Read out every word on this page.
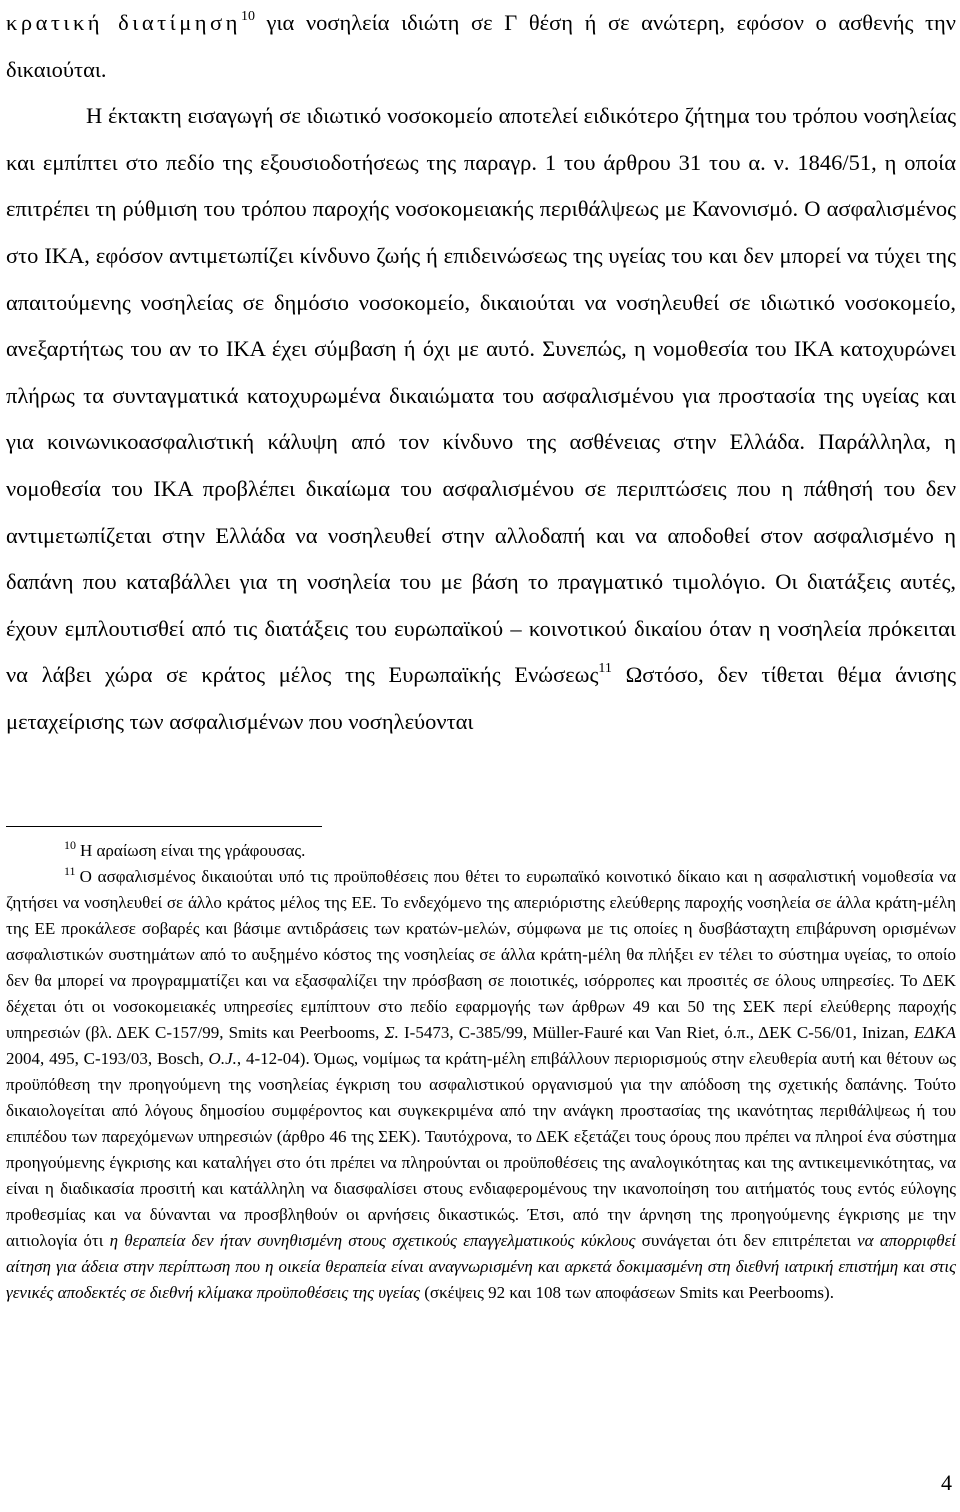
κρατική διατίμηση$^{10}$ για νοσηλεία ιδιώτη σε Γ θέση ή σε ανώτερη, εφόσον ο ασθενής την δικαιούται.

Η έκτακτη εισαγωγή σε ιδιωτικό νοσοκομείο αποτελεί ειδικότερο ζήτημα του τρόπου νοσηλείας και εμπίπτει στο πεδίο της εξουσιοδοτήσεως της παραγρ. 1 του άρθρου 31 του α. ν. 1846/51, η οποία επιτρέπει τη ρύθμιση του τρόπου παροχής νοσοκομειακής περιθάλψεως με Κανονισμό. Ο ασφαλισμένος στο ΙΚΑ, εφόσον αντιμετωπίζει κίνδυνο ζωής ή επιδεινώσεως της υγείας του και δεν μπορεί να τύχει της απαιτούμενης νοσηλείας σε δημόσιο νοσοκομείο, δικαιούται να νοσηλευθεί σε ιδιωτικό νοσοκομείο, ανεξαρτήτως του αν το ΙΚΑ έχει σύμβαση ή όχι με αυτό. Συνεπώς, η νομοθεσία του ΙΚΑ κατοχυρώνει πλήρως τα συνταγματικά κατοχυρωμένα δικαιώματα του ασφαλισμένου για προστασία της υγείας και για κοινωνικοασφαλιστική κάλυψη από τον κίνδυνο της ασθένειας στην Ελλάδα. Παράλληλα, η νομοθεσία του ΙΚΑ προβλέπει δικαίωμα του ασφαλισμένου σε περιπτώσεις που η πάθησή του δεν αντιμετωπίζεται στην Ελλάδα να νοσηλευθεί στην αλλοδαπή και να αποδοθεί στον ασφαλισμένο η δαπάνη που καταβάλλει για τη νοσηλεία του με βάση το πραγματικό τιμολόγιο. Οι διατάξεις αυτές, έχουν εμπλουτισθεί από τις διατάξεις του ευρωπαϊκού – κοινοτικού δικαίου όταν η νοσηλεία πρόκειται να λάβει χώρα σε κράτος μέλος της Ευρωπαϊκής Ενώσεως$^{11}$ Ωστόσο, δεν τίθεται θέμα άνισης μεταχείρισης των ασφαλισμένων που νοσηλεύονται

$^{10}$ Η αραίωση είναι της γράφουσας.

$^{11}$ Ο ασφαλισμένος δικαιούται υπό τις προϋποθέσεις που θέτει το ευρωπαϊκό κοινοτικό δίκαιο και η ασφαλιστική νομοθεσία να ζητήσει να νοσηλευθεί σε άλλο κράτος μέλος της ΕΕ. Το ενδεχόμενο της απεριόριστης ελεύθερης παροχής νοσηλεία σε άλλα κράτη-μέλη της ΕΕ προκάλεσε σοβαρές και βάσιμε αντιδράσεις των κρατών-μελών, σύμφωνα με τις οποίες η δυσβάσταχτη επιβάρυνση ορισμένων ασφαλιστικών συστημάτων από το αυξημένο κόστος της νοσηλείας σε άλλα κράτη-μέλη θα πλήξει εν τέλει το σύστημα υγείας, το οποίο δεν θα μπορεί να προγραμματίζει και να εξασφαλίζει την πρόσβαση σε ποιοτικές, ισόρροπες και προσιτές σε όλους υπηρεσίες. Το ΔΕΚ δέχεται ότι οι νοσοκομειακές υπηρεσίες εμπίπτουν στο πεδίο εφαρμογής των άρθρων 49 και 50 της ΣΕΚ περί ελεύθερης παροχής υπηρεσιών (βλ. ΔΕΚ C-157/99, Smits και Peerbooms, Σ. I-5473, C-385/99, Müller-Fauré και Van Riet, ό.π., ΔΕΚ C-56/01, Inizan, ΕΔΚΑ 2004, 495, C-193/03, Bosch, O.J., 4-12-04). Όμως, νομίμως τα κράτη-μέλη επιβάλλουν περιορισμούς στην ελευθερία αυτή και θέτουν ως προϋπόθεση την προηγούμενη της νοσηλείας έγκριση του ασφαλιστικού οργανισμού για την απόδοση της σχετικής δαπάνης. Τούτο δικαιολογείται από λόγους δημοσίου συμφέροντος και συγκεκριμένα από την ανάγκη προστασίας της ικανότητας περιθάλψεως ή του επιπέδου των παρεχόμενων υπηρεσιών (άρθρο 46 της ΣΕΚ). Ταυτόχρονα, το ΔΕΚ εξετάζει τους όρους που πρέπει να πληροί ένα σύστημα προηγούμενης έγκρισης και καταλήγει στο ότι πρέπει να πληρούνται οι προϋποθέσεις της αναλογικότητας και της αντικειμενικότητας, να είναι η διαδικασία προσιτή και κατάλληλη να διασφαλίσει στους ενδιαφερομένους την ικανοποίηση του αιτήματός τους εντός εύλογης προθεσμίας και να δύνανται να προσβληθούν οι αρνήσεις δικαστικώς. Έτσι, από την άρνηση της προηγούμενης έγκρισης με την αιτιολογία ότι η θεραπεία δεν ήταν συνηθισμένη στους σχετικούς επαγγελματικούς κύκλους συνάγεται ότι δεν επιτρέπεται να απορριφθεί αίτηση για άδεια στην περίπτωση που η οικεία θεραπεία είναι αναγνωρισμένη και αρκετά δοκιμασμένη στη διεθνή ιατρική επιστήμη και στις γενικές αποδεκτές σε διεθνή κλίμακα προϋποθέσεις της υγείας (σκέψεις 92 και 108 των αποφάσεων Smits και Peerbooms).

4
